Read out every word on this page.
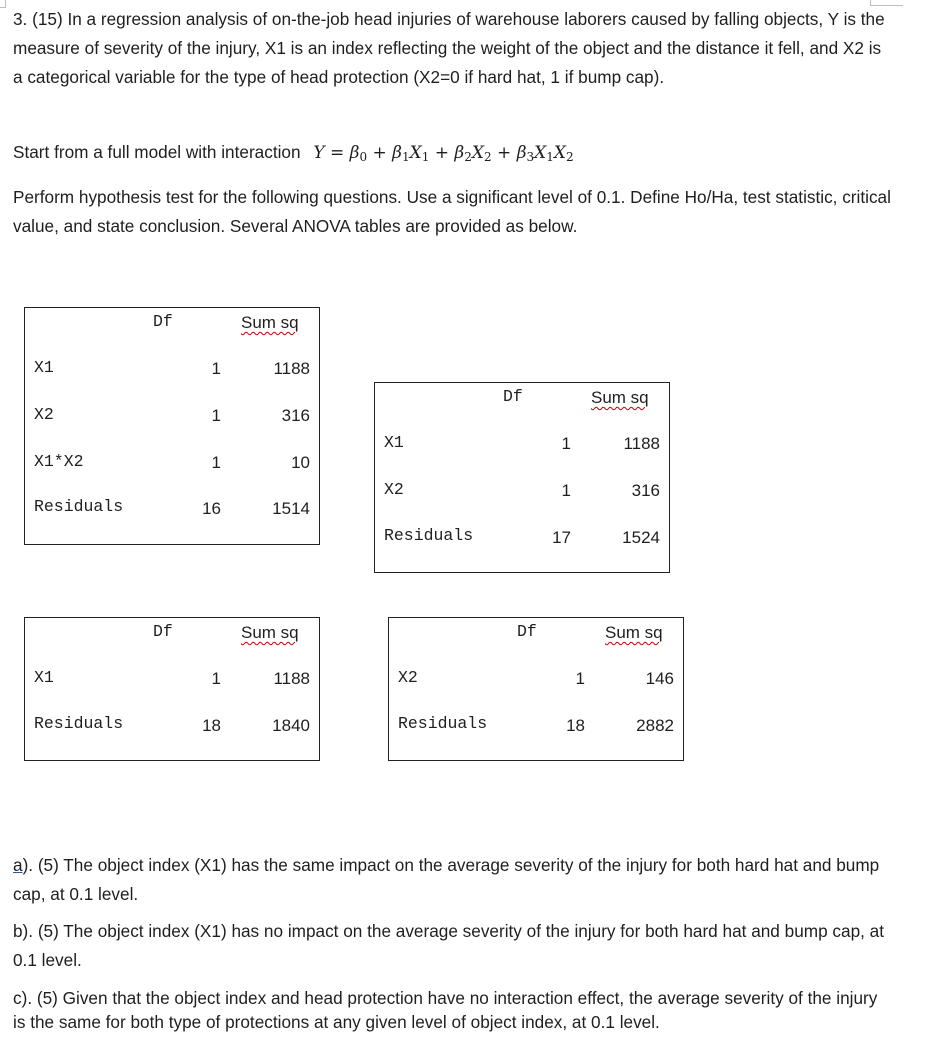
3. (15) In a regression analysis of on-the-job head injuries of warehouse laborers caused by falling objects, Y is the measure of severity of the injury, X1 is an index reflecting the weight of the object and the distance it fell, and X2 is a categorical variable for the type of head protection (X2=0 if hard hat, 1 if bump cap).

Start from a full model with interaction $Y = \beta_0 + \beta_1X_1 + \beta_2X_2 + \beta_3X_1X_2$

Perform hypothesis test for the following questions. Use a significant level of 0.1. Define Ho/Ha, test statistic, critical value, and state conclusion. Several ANOVA tables are provided as below.

Df	Sum sq
X1	1	1188
X2	1	316
X1*X2	1	10
Residuals	16	1514
Df	Sum sq
X1	1	1188
X2	1	316
Residuals	17	1524
Df	Sum sq
X1	1	1188
Residuals	18	1840
Df	Sum sq
X2	1	146
Residuals	18	2882

a). (5) The object index (X1) has the same impact on the average severity of the injury for both hard hat and bump cap, at 0.1 level.

b). (5) The object index (X1) has no impact on the average severity of the injury for both hard hat and bump cap, at 0.1 level.

c). (5) Given that the object index and head protection have no interaction effect, the average severity of the injury is the same for both type of protections at any given level of object index, at 0.1 level.
